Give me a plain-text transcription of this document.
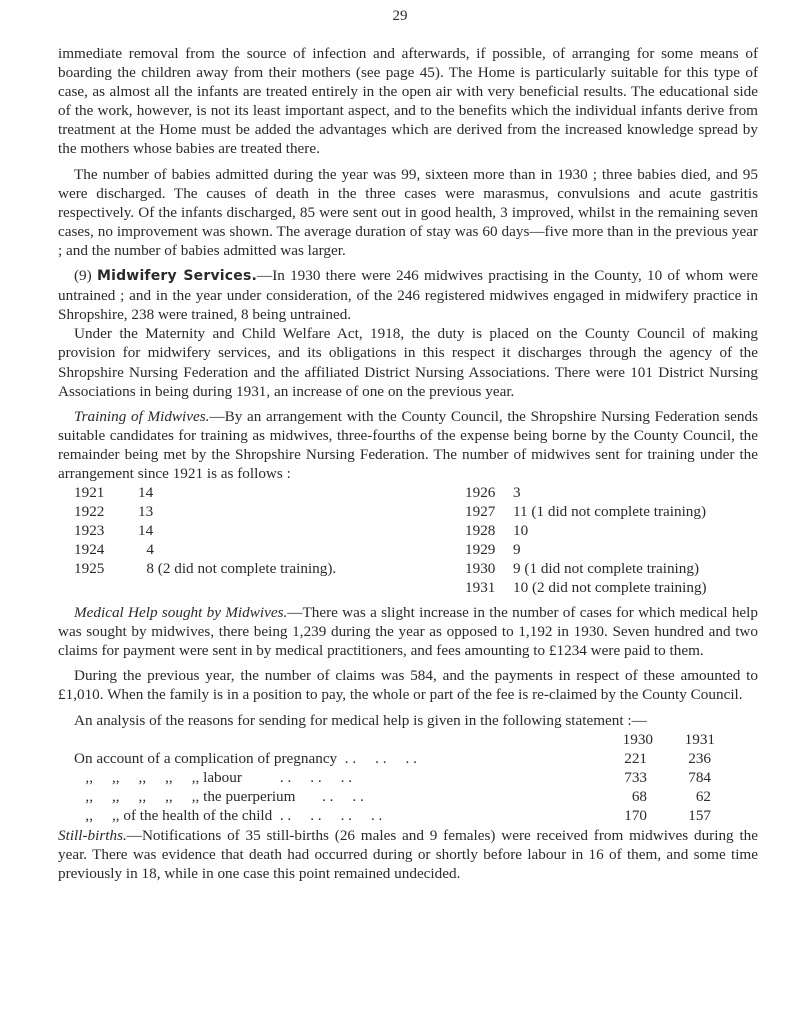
29

immediate removal from the source of infection and afterwards, if possible, of arranging for some means of boarding the children away from their mothers (see page 45). The Home is particularly suitable for this type of case, as almost all the infants are treated entirely in the open air with very beneficial results. The educational side of the work, however, is not its least important aspect, and to the benefits which the individual infants derive from treatment at the Home must be added the advantages which are derived from the increased knowledge spread by the mothers whose babies are treated there.

The number of babies admitted during the year was 99, sixteen more than in 1930 ; three babies died, and 95 were discharged. The causes of death in the three cases were marasmus, convulsions and acute gastritis respectively. Of the infants discharged, 85 were sent out in good health, 3 improved, whilst in the remaining seven cases, no improvement was shown. The average duration of stay was 60 days—five more than in the previous year ; and the number of babies admitted was larger.

(9) Midwifery Services.—In 1930 there were 246 midwives practising in the County, 10 of whom were untrained ; and in the year under consideration, of the 246 registered midwives engaged in midwifery practice in Shropshire, 238 were trained, 8 being untrained.

Under the Maternity and Child Welfare Act, 1918, the duty is placed on the County Council of making provision for midwifery services, and its obligations in this respect it discharges through the agency of the Shropshire Nursing Federation and the affiliated District Nursing Associations. There were 101 District Nursing Associations in being during 1931, an increase of one on the previous year.

Training of Midwives.—By an arrangement with the County Council, the Shropshire Nursing Federation sends suitable candidates for training as midwives, three-fourths of the expense being borne by the County Council, the remainder being met by the Shropshire Nursing Federation. The number of midwives sent for training under the arrangement since 1921 is as follows :

1921 14
1922 13
1923 14
1924	4
1925	8 (2 did not complete training).
1926 3
1927 11 (1 did not complete training)
1928 10
1929 9
1930 9 (1 did not complete training)
1931 10 (2 did not complete training)

Medical Help sought by Midwives.—There was a slight increase in the number of cases for which medical help was sought by midwives, there being 1,239 during the year as opposed to 1,192 in 1930. Seven hundred and two claims for payment were sent in by medical practitioners, and fees amounting to £1234 were paid to them.

During the previous year, the number of claims was 584, and the payments in respect of these amounted to £1,010. When the family is in a position to pay, the whole or part of the fee is re-claimed by the County Council.

An analysis of the reasons for sending for medical help is given in the following statement :—

1930	1931
On account of a complication of pregnancy  . .     . .     . .	221	236
,,     ,,     ,,     ,,     ,, labour          . .     . .     . .	733	784
,,     ,,     ,,     ,,     ,, the puerperium       . .     . .	68	62
,,     ,, of the health of the child  . .     . .     . .     . .	170	157

Still-births.—Notifications of 35 still-births (26 males and 9 females) were received from midwives during the year. There was evidence that death had occurred during or shortly before labour in 16 of them, and some time previously in 18, while in one case this point remained undecided.
